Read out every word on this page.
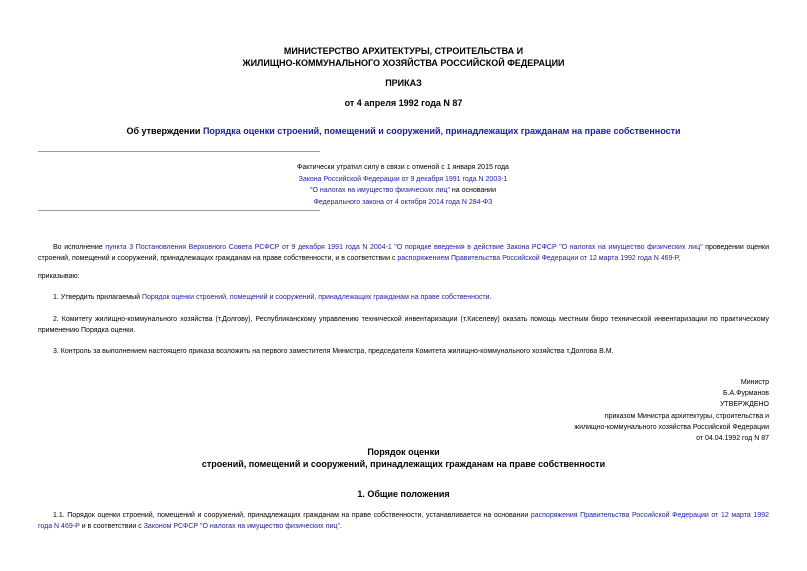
МИНИСТЕРСТВО АРХИТЕКТУРЫ, СТРОИТЕЛЬСТВА И
ЖИЛИЩНО-КОММУНАЛЬНОГО ХОЗЯЙСТВА РОССИЙСКОЙ ФЕДЕРАЦИИ
ПРИКАЗ
от 4 апреля 1992 года N 87
Об утверждении Порядка оценки строений, помещений и сооружений, принадлежащих гражданам на праве собственности
Фактически утратил силу в связи с отменой с 1 января 2015 года
Закона Российской Федерации от 9 декабря 1991 года N 2003-1
"О налогах на имущество физических лиц" на основании
Федерального закона от 4 октября 2014 года N 284-ФЗ

Во исполнение пункта 3 Постановления Верховного Совета РСФСР от 9 декабря 1991 года N 2004-1 "О порядке введения в действие Закона РСФСР "О налогах на имущество физических лиц" проведении оценки строений, помещений и сооружений, принадлежащих гражданам на праве собственности, и в соответствии с распоряжением Правительства Российской Федерации от 12 марта 1992 года N 469-Р,

приказываю:

1. Утвердить прилагаемый Порядок оценки строений, помещений и сооружений, принадлежащих гражданам на праве собственности.

2. Комитету жилищно-коммунального хозяйства (т.Долгову), Республиканскому управлению технической инвентаризации (т.Киселеву) оказать помощь местным бюро технической инвентаризации по практическому применению Порядка оценки.

3. Контроль за выполнением настоящего приказа возложить на первого заместителя Министра, председателя Комитета жилищно-коммунального хозяйства т.Долгова В.М.

Министр
Б.А.Фурманов
УТВЕРЖДЕНО
приказом Министра архитектуры, строительства и
жилищно-коммунального хозяйства Российской Федерации
от 04.04.1992 год N 87
Порядок оценки
строений, помещений и сооружений, принадлежащих гражданам на праве собственности
1. Общие положения

1.1. Порядок оценки строений, помещений и сооружений, принадлежащих гражданам на праве собственности, устанавливается на основании распоряжения Правительства Российской Федерации от 12 марта 1992 года N 469-Р и в соответствии с Законом РСФСР "О налогах на имущество физических лиц".
